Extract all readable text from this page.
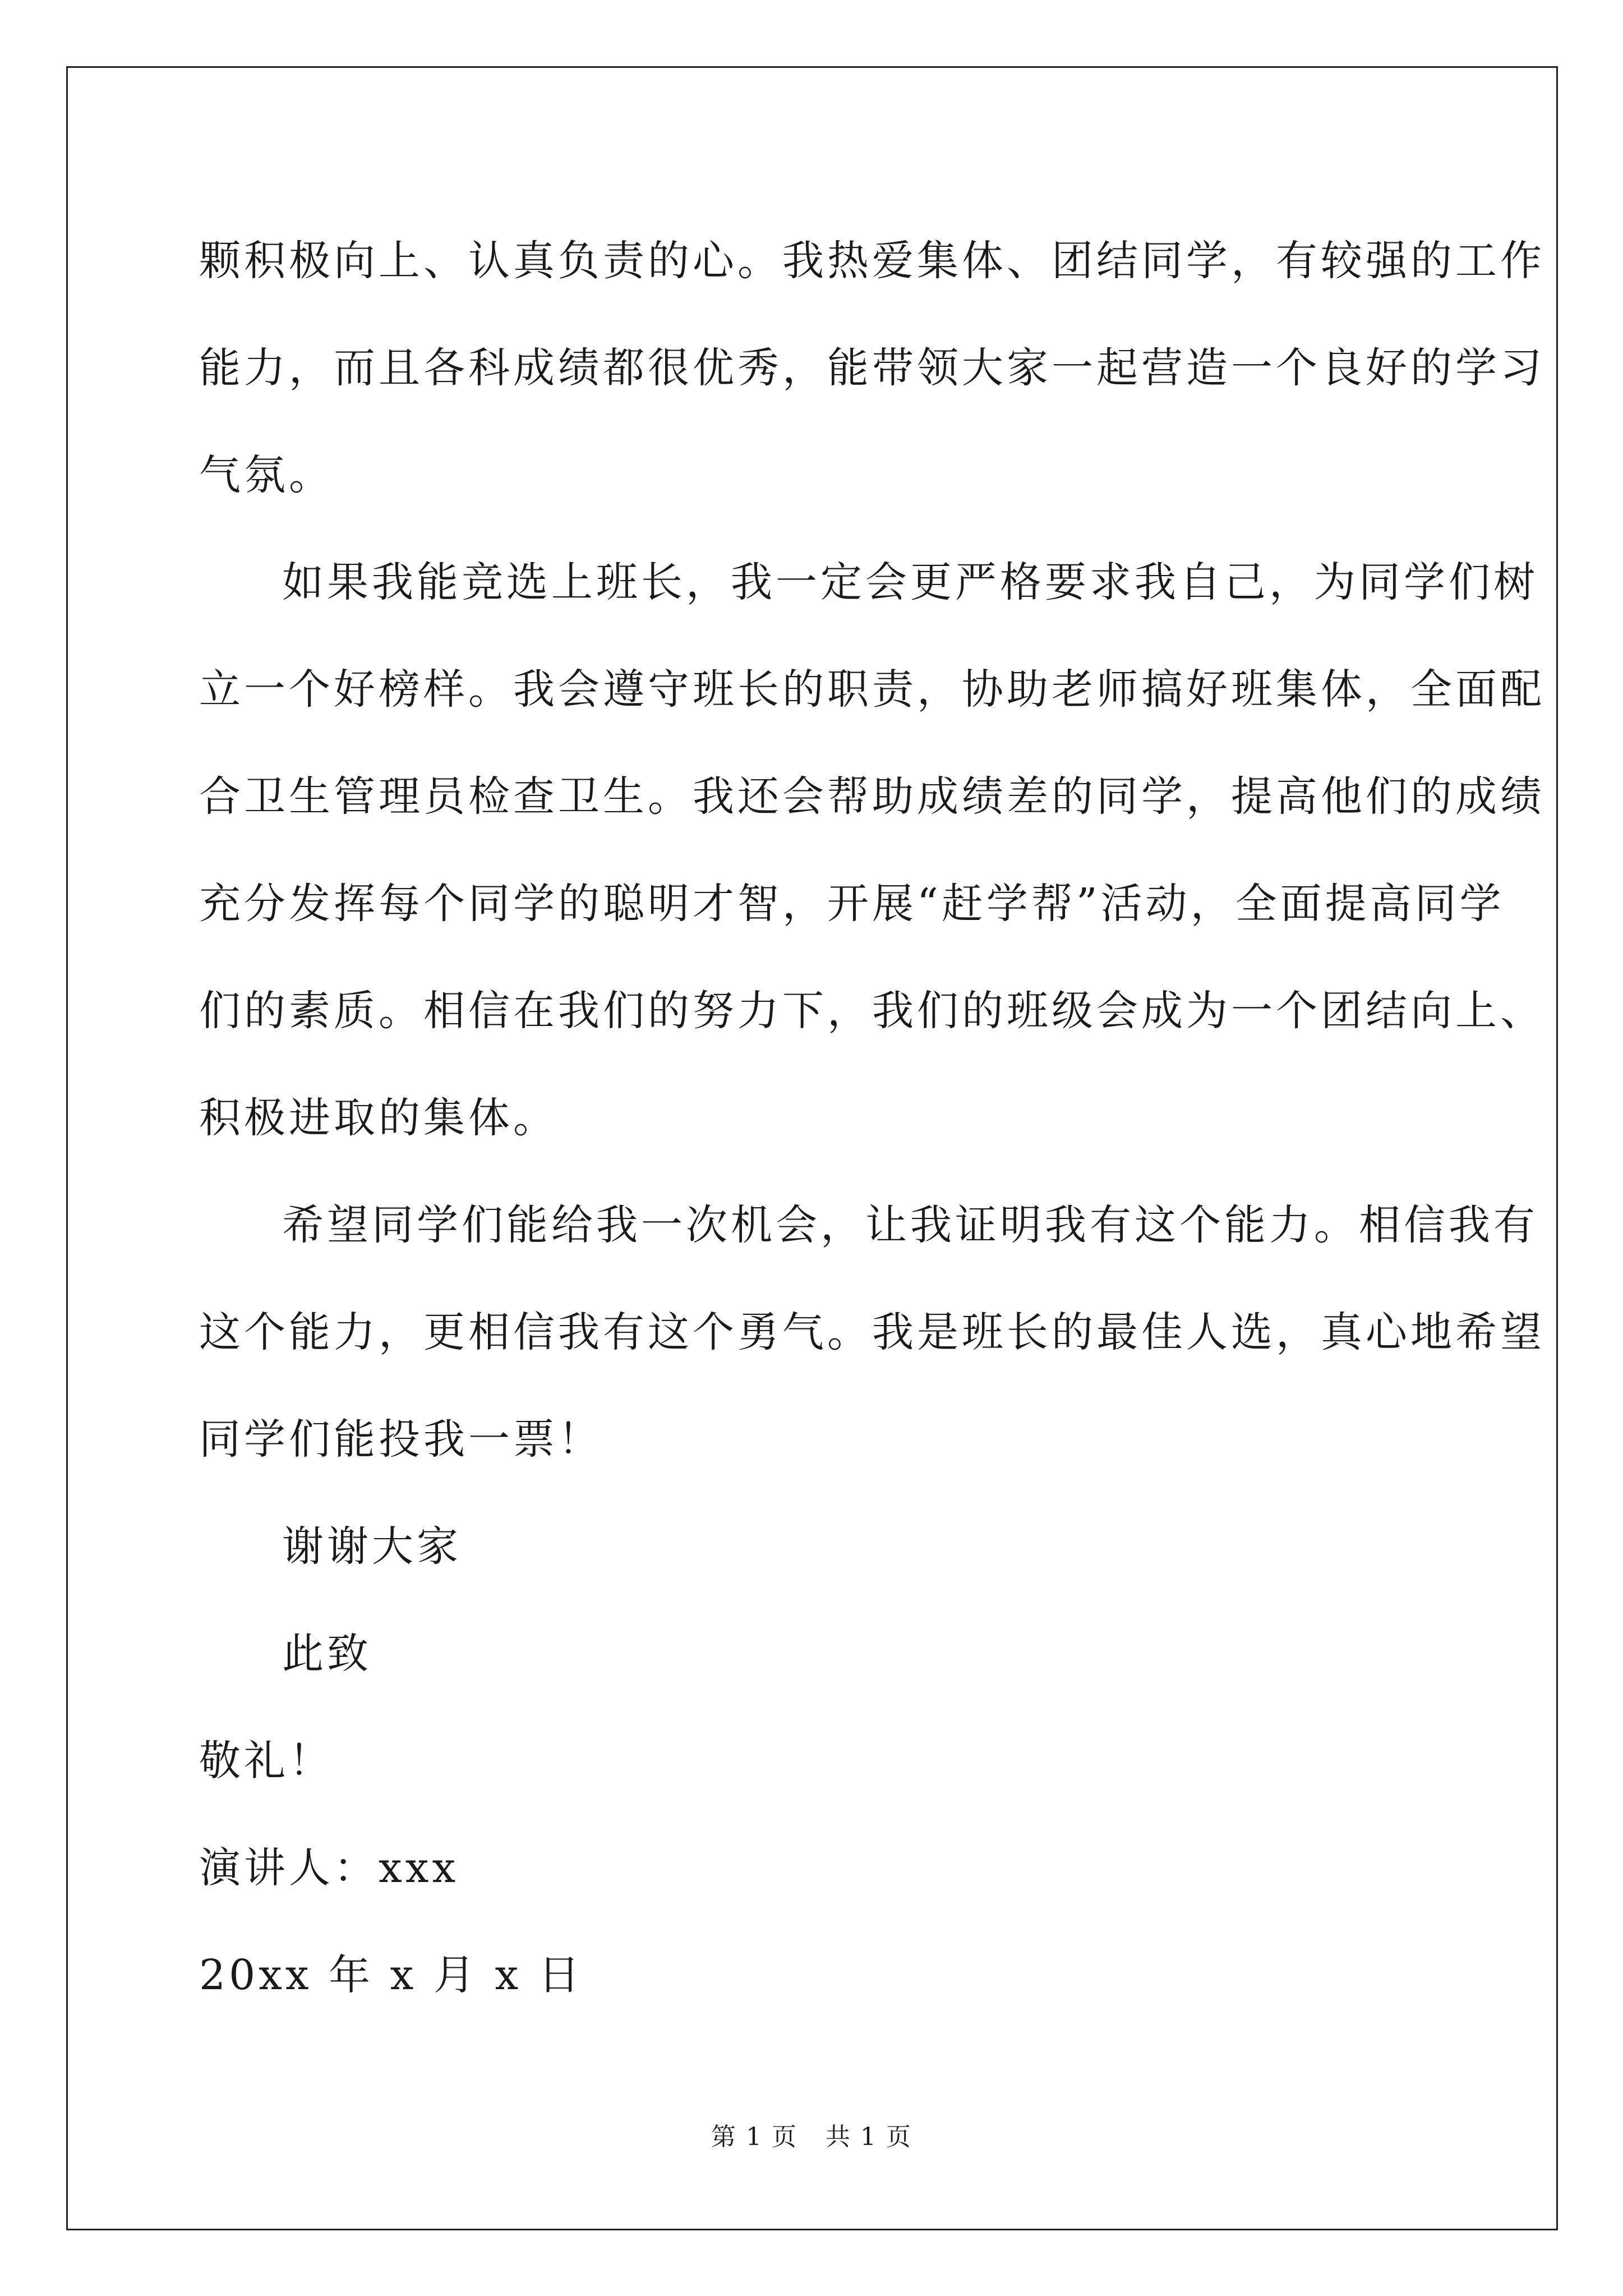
颗积极向上、认真负责的心。我热爱集体、团结同学，有较强的工作
能力，而且各科成绩都很优秀，能带领大家一起营造一个良好的学习
气氛。
如果我能竞选上班长，我一定会更严格要求我自己，为同学们树
立一个好榜样。我会遵守班长的职责，协助老师搞好班集体，全面配
合卫生管理员检查卫生。我还会帮助成绩差的同学，提高他们的成绩
充分发挥每个同学的聪明才智，开展“赶学帮”活动，全面提高同学
们的素质。相信在我们的努力下，我们的班级会成为一个团结向上、
积极进取的集体。
希望同学们能给我一次机会，让我证明我有这个能力。相信我有
这个能力，更相信我有这个勇气。我是班长的最佳人选，真心地希望
同学们能投我一票！
谢谢大家
此致
敬礼！
演讲人：xxx
20xx 年 x 月 x 日
第 1 页 共 1 页
